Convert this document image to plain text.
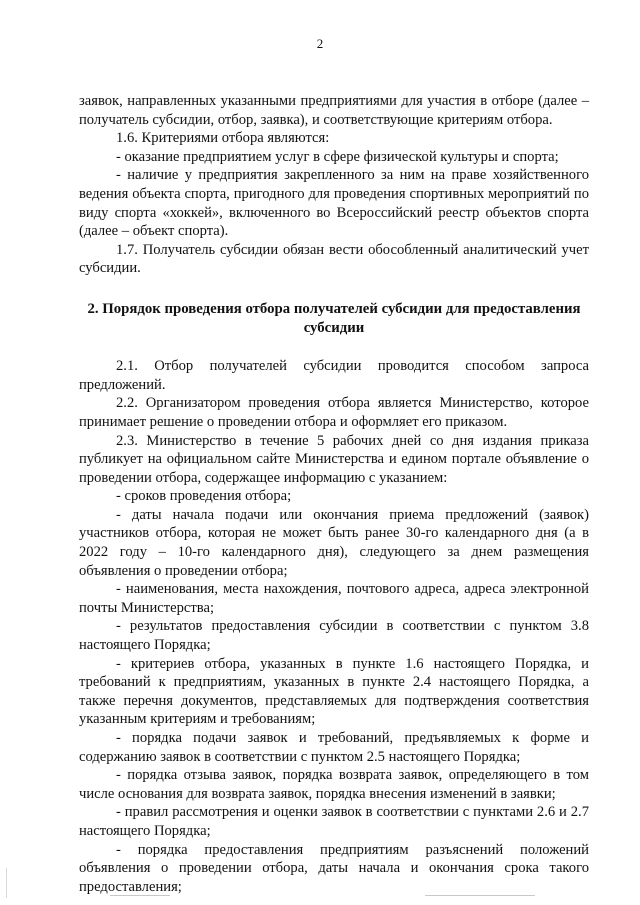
2

заявок, направленных указанными предприятиями для участия в отборе (далее – получатель субсидии, отбор, заявка), и соответствующие критериям отбора.

1.6. Критериями отбора являются:

- оказание предприятием услуг в сфере физической культуры и спорта;

- наличие у предприятия закрепленного за ним на праве хозяйственного ведения объекта спорта, пригодного для проведения спортивных мероприятий по виду спорта «хоккей», включенного во Всероссийский реестр объектов спорта (далее – объект спорта).

1.7. Получатель субсидии обязан вести обособленный аналитический учет субсидии.

2. Порядок проведения отбора получателей субсидии для предоставления субсидии

2.1. Отбор получателей субсидии проводится способом запроса предложений.

2.2. Организатором проведения отбора является Министерство, которое принимает решение о проведении отбора и оформляет его приказом.

2.3. Министерство в течение 5 рабочих дней со дня издания приказа публикует на официальном сайте Министерства и едином портале объявление о проведении отбора, содержащее информацию с указанием:

- сроков проведения отбора;

- даты начала подачи или окончания приема предложений (заявок) участников отбора, которая не может быть ранее 30-го календарного дня (а в 2022 году – 10-го календарного дня), следующего за днем размещения объявления о проведении отбора;

- наименования, места нахождения, почтового адреса, адреса электронной почты Министерства;

- результатов предоставления субсидии в соответствии с пунктом 3.8 настоящего Порядка;

- критериев отбора, указанных в пункте 1.6 настоящего Порядка, и требований к предприятиям, указанных в пункте 2.4 настоящего Порядка, а также перечня документов, представляемых для подтверждения соответствия указанным критериям и требованиям;

- порядка подачи заявок и требований, предъявляемых к форме и содержанию заявок в соответствии с пунктом 2.5 настоящего Порядка;

- порядка отзыва заявок, порядка возврата заявок, определяющего в том числе основания для возврата заявок, порядка внесения изменений в заявки;

- правил рассмотрения и оценки заявок в соответствии с пунктами 2.6 и 2.7 настоящего Порядка;

- порядка предоставления предприятиям разъяснений положений объявления о проведении отбора, даты начала и окончания срока такого предоставления;
